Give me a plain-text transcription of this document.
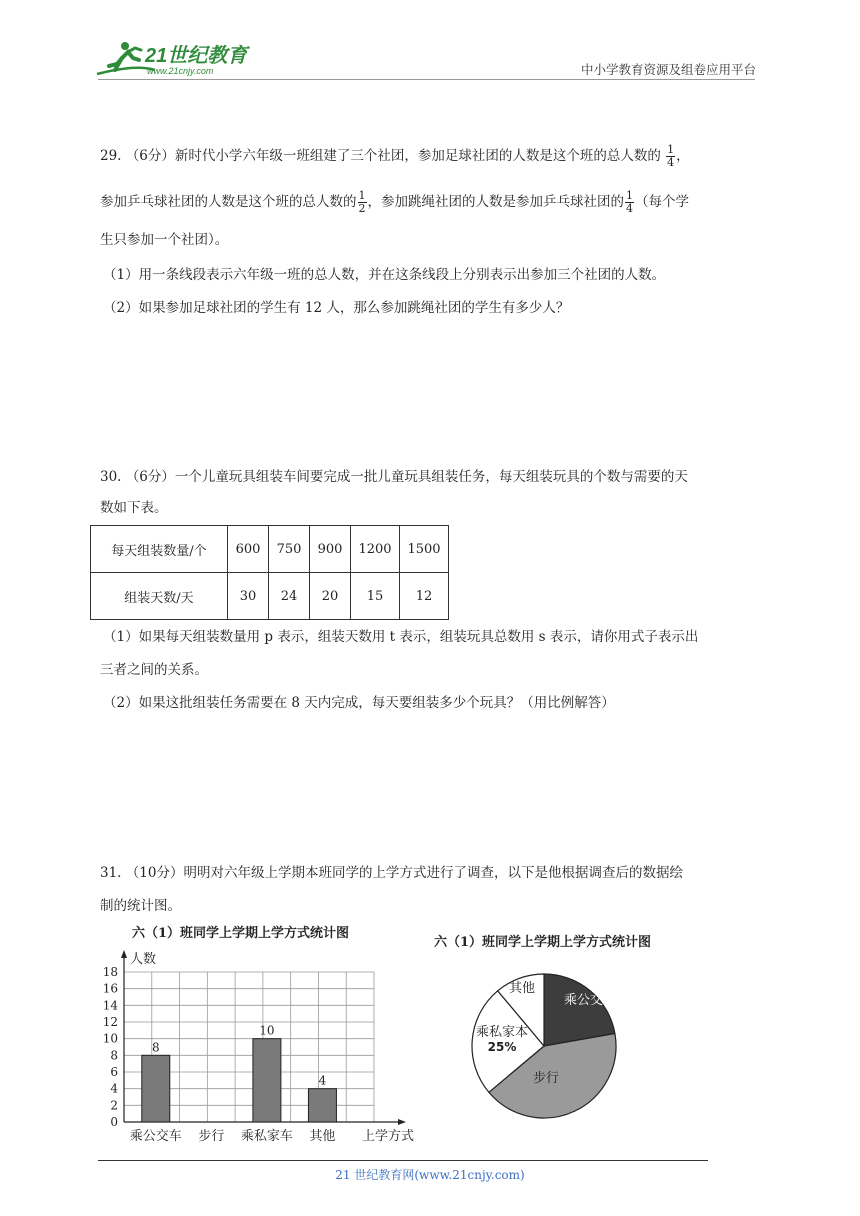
21世纪教育
www.21cnjy.com	中小学教育资源及组卷应用平台
29. （6分）新时代小学六年级一班组建了三个社团，参加足球社团的人数是这个班的总人数的 $\frac{1}{4}$ ，
参加乒乓球社团的人数是这个班的总人数的 $\frac{1}{2}$ ，参加跳绳社团的人数是参加乒乓球社团的 $\frac{1}{4}$ （每个学
生只参加一个社团）。
（1）用一条线段表示六年级一班的总人数，并在这条线段上分别表示出参加三个社团的人数。
（2）如果参加足球社团的学生有 12 人，那么参加跳绳社团的学生有多少人？
30. （6分）一个儿童玩具组装车间要完成一批儿童玩具组装任务，每天组装玩具的个数与需要的天
数如下表。
每天组装数量/个	600	750	900	1200	1500
组装天数/天	30	24	20	15	12
（1）如果每天组装数量用 p 表示，组装天数用 t 表示，组装玩具总数用 s 表示，请你用式子表示出
三者之间的关系。
（2）如果这批组装任务需要在 8 天内完成，每天要组装多少个玩具？（用比例解答）
31. （10分）明明对六年级上学期本班同学的上学方式进行了调查，以下是他根据调查后的数据绘
制的统计图。
六（1）班同学上学期上学方式统计图
人数
上学方式
8
10
4
0
2
4
6
8
10
12
14
16
18
乘公交车 步行 乘私家车 其他
六（1）班同学上学期上学方式统计图
乘公交车
步行
乘私家本
25%
其他
21 世纪教育网(www.21cnjy.com)
